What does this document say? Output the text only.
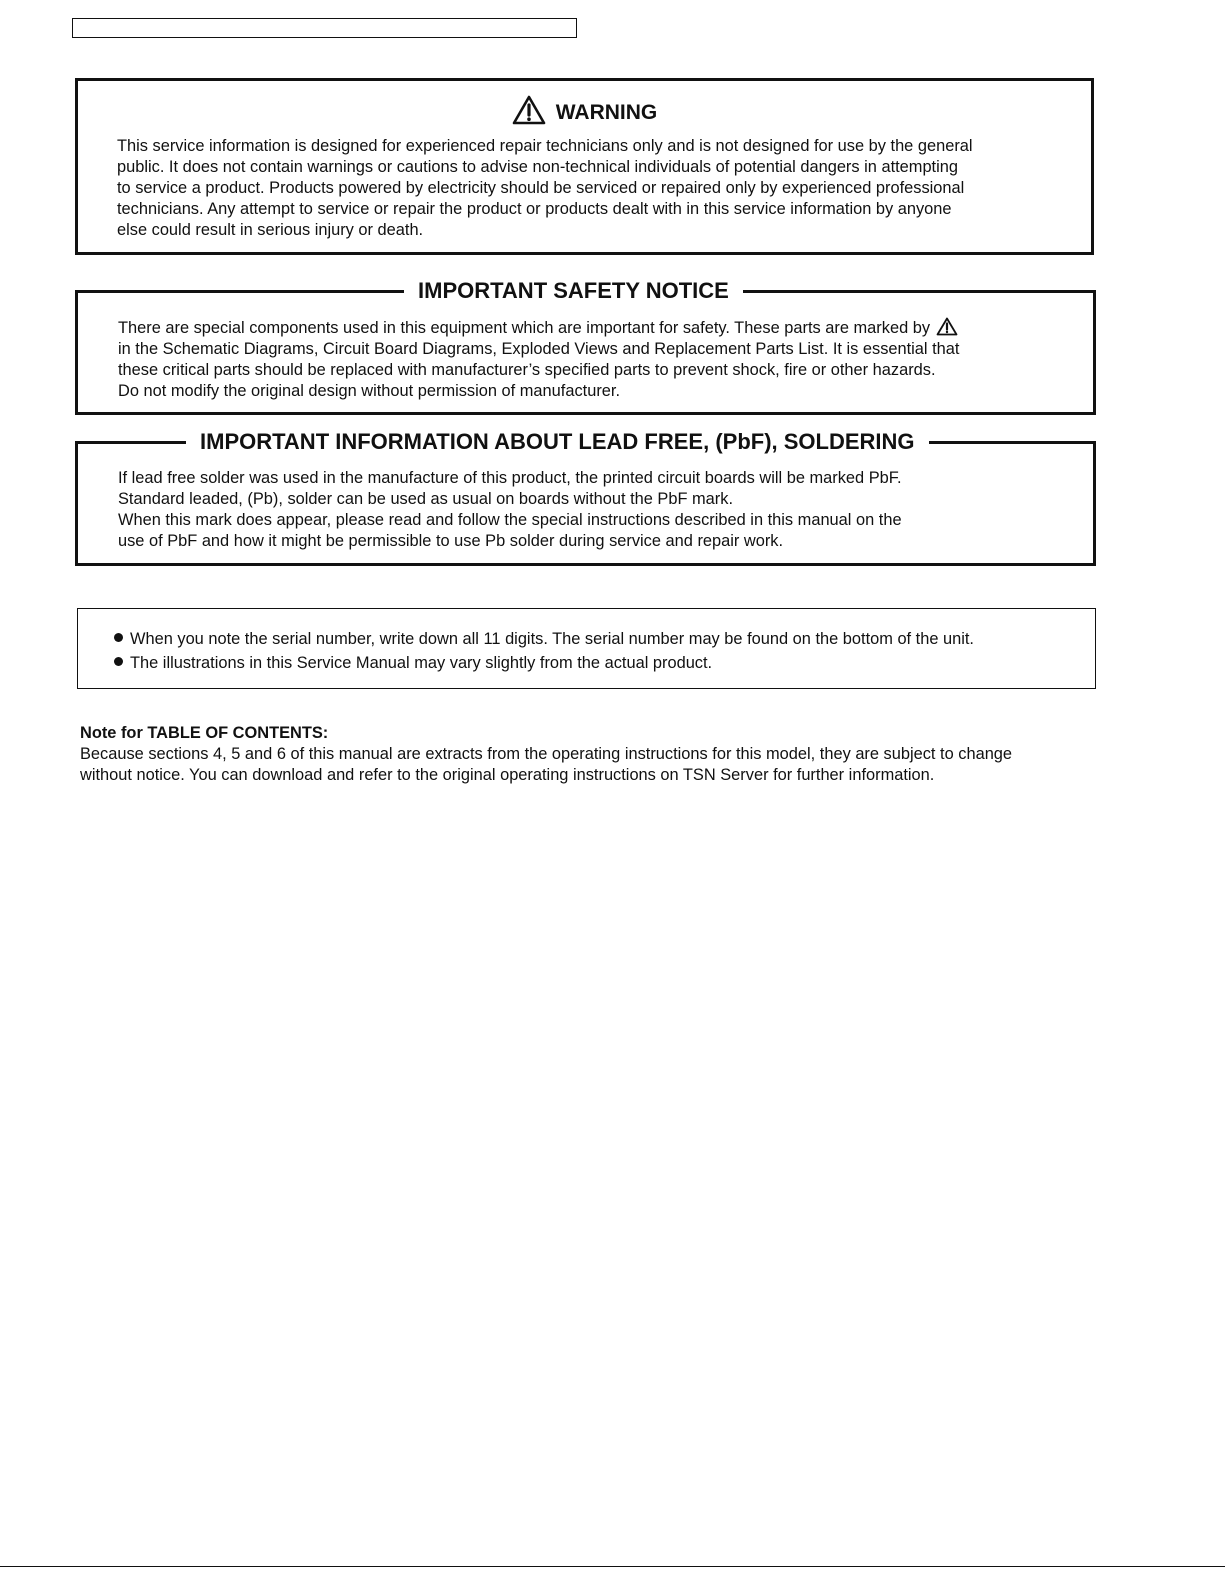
WARNING

This service information is designed for experienced repair technicians only and is not designed for use by the general
public. It does not contain warnings or cautions to advise non-technical individuals of potential dangers in attempting
to service a product. Products powered by electricity should be serviced or repaired only by experienced professional
technicians. Any attempt to service or repair the product or products dealt with in this service information by anyone
else could result in serious injury or death.

IMPORTANT SAFETY NOTICE

There are special components used in this equipment which are important for safety. These parts are marked by
in the Schematic Diagrams, Circuit Board Diagrams, Exploded Views and Replacement Parts List. It is essential that
these critical parts should be replaced with manufacturer’s specified parts to prevent shock, fire or other hazards.
Do not modify the original design without permission of manufacturer.

IMPORTANT INFORMATION ABOUT LEAD FREE, (PbF), SOLDERING

If lead free solder was used in the manufacture of this product, the printed circuit boards will be marked PbF.
Standard leaded, (Pb), solder can be used as usual on boards without the PbF mark.
When this mark does appear, please read and follow the special instructions described in this manual on the
use of PbF and how it might be permissible to use Pb solder during service and repair work.

When you note the serial number, write down all 11 digits. The serial number may be found on the bottom of the unit.
The illustrations in this Service Manual may vary slightly from the actual product.
Note for TABLE OF CONTENTS:
Because sections 4, 5 and 6 of this manual are extracts from the operating instructions for this model, they are subject to change
without notice. You can download and refer to the original operating instructions on TSN Server for further information.
